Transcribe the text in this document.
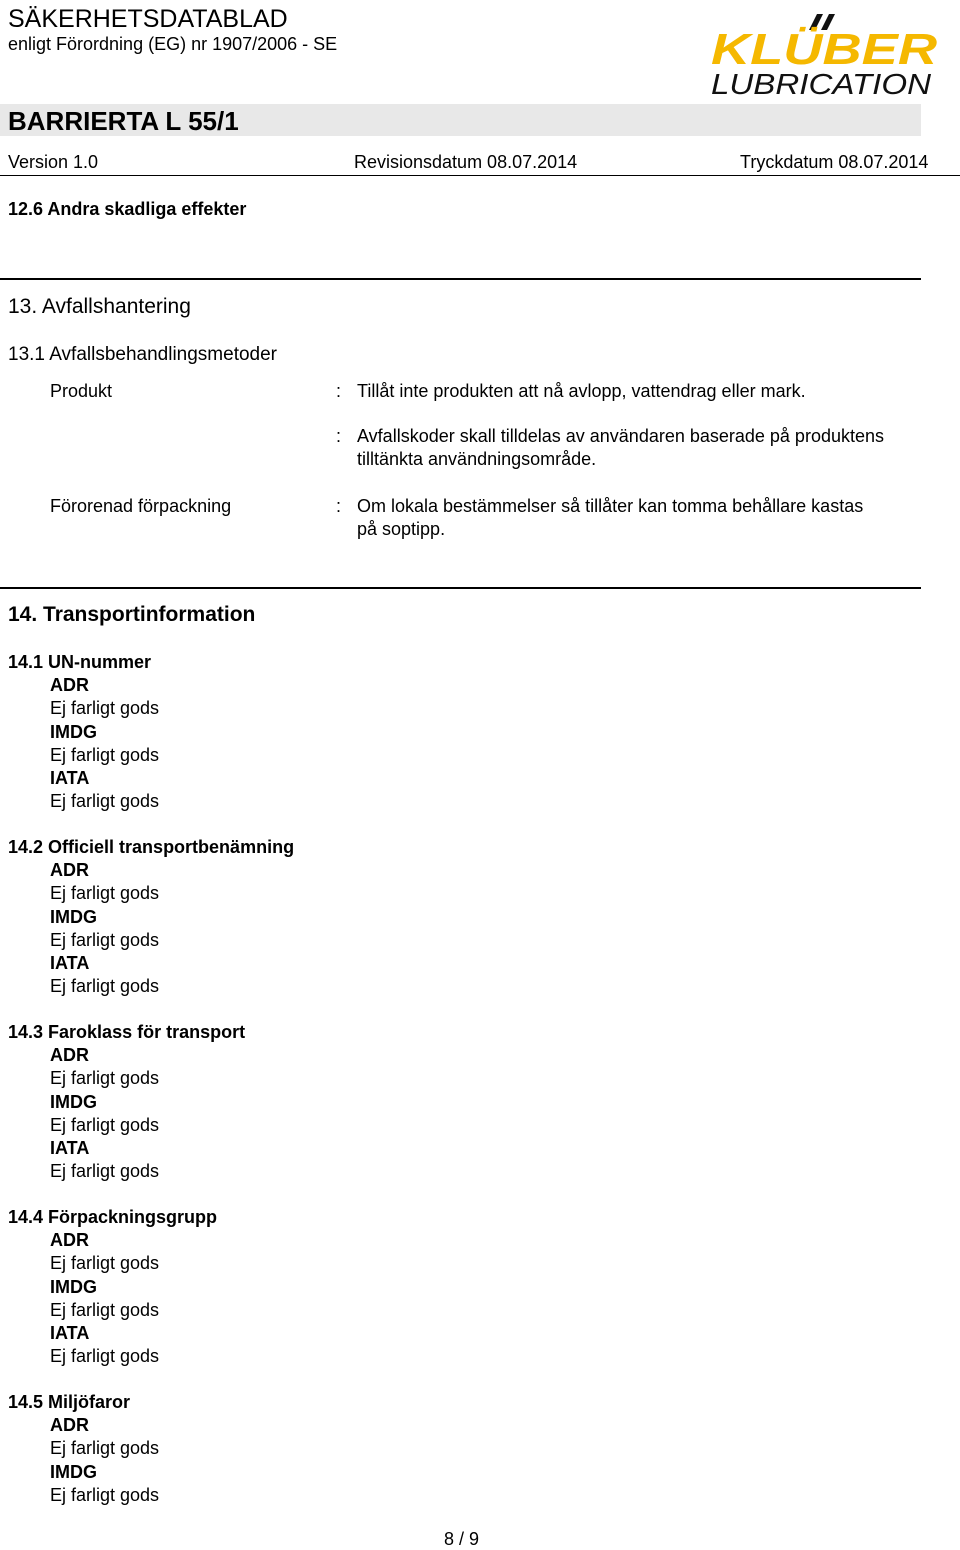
SÄKERHETSDATABLAD
enligt Förordning (EG) nr 1907/2006 - SE	KLÜBER
LUBRICATION
BARRIERTA L 55/1
Version 1.0	Revisionsdatum 08.07.2014	Tryckdatum 08.07.2014
12.6 Andra skadliga effekter
13. Avfallshantering
13.1 Avfallsbehandlingsmetoder
Produkt	: Tillåt inte produkten att nå avlopp, vattendrag eller mark.
: Avfallskoder skall tilldelas av användaren baserade på produktens tilltänkta användningsområde.
Förorenad förpackning	: Om lokala bestämmelser så tillåter kan tomma behållare kastas på soptipp.
14. Transportinformation
14.1 UN-nummer
ADR
Ej farligt gods
IMDG
Ej farligt gods
IATA
Ej farligt gods
14.2 Officiell transportbenämning
ADR
Ej farligt gods
IMDG
Ej farligt gods
IATA
Ej farligt gods
14.3 Faroklass för transport
ADR
Ej farligt gods
IMDG
Ej farligt gods
IATA
Ej farligt gods
14.4 Förpackningsgrupp
ADR
Ej farligt gods
IMDG
Ej farligt gods
IATA
Ej farligt gods
14.5 Miljöfaror
ADR
Ej farligt gods
IMDG
Ej farligt gods
8 / 9
